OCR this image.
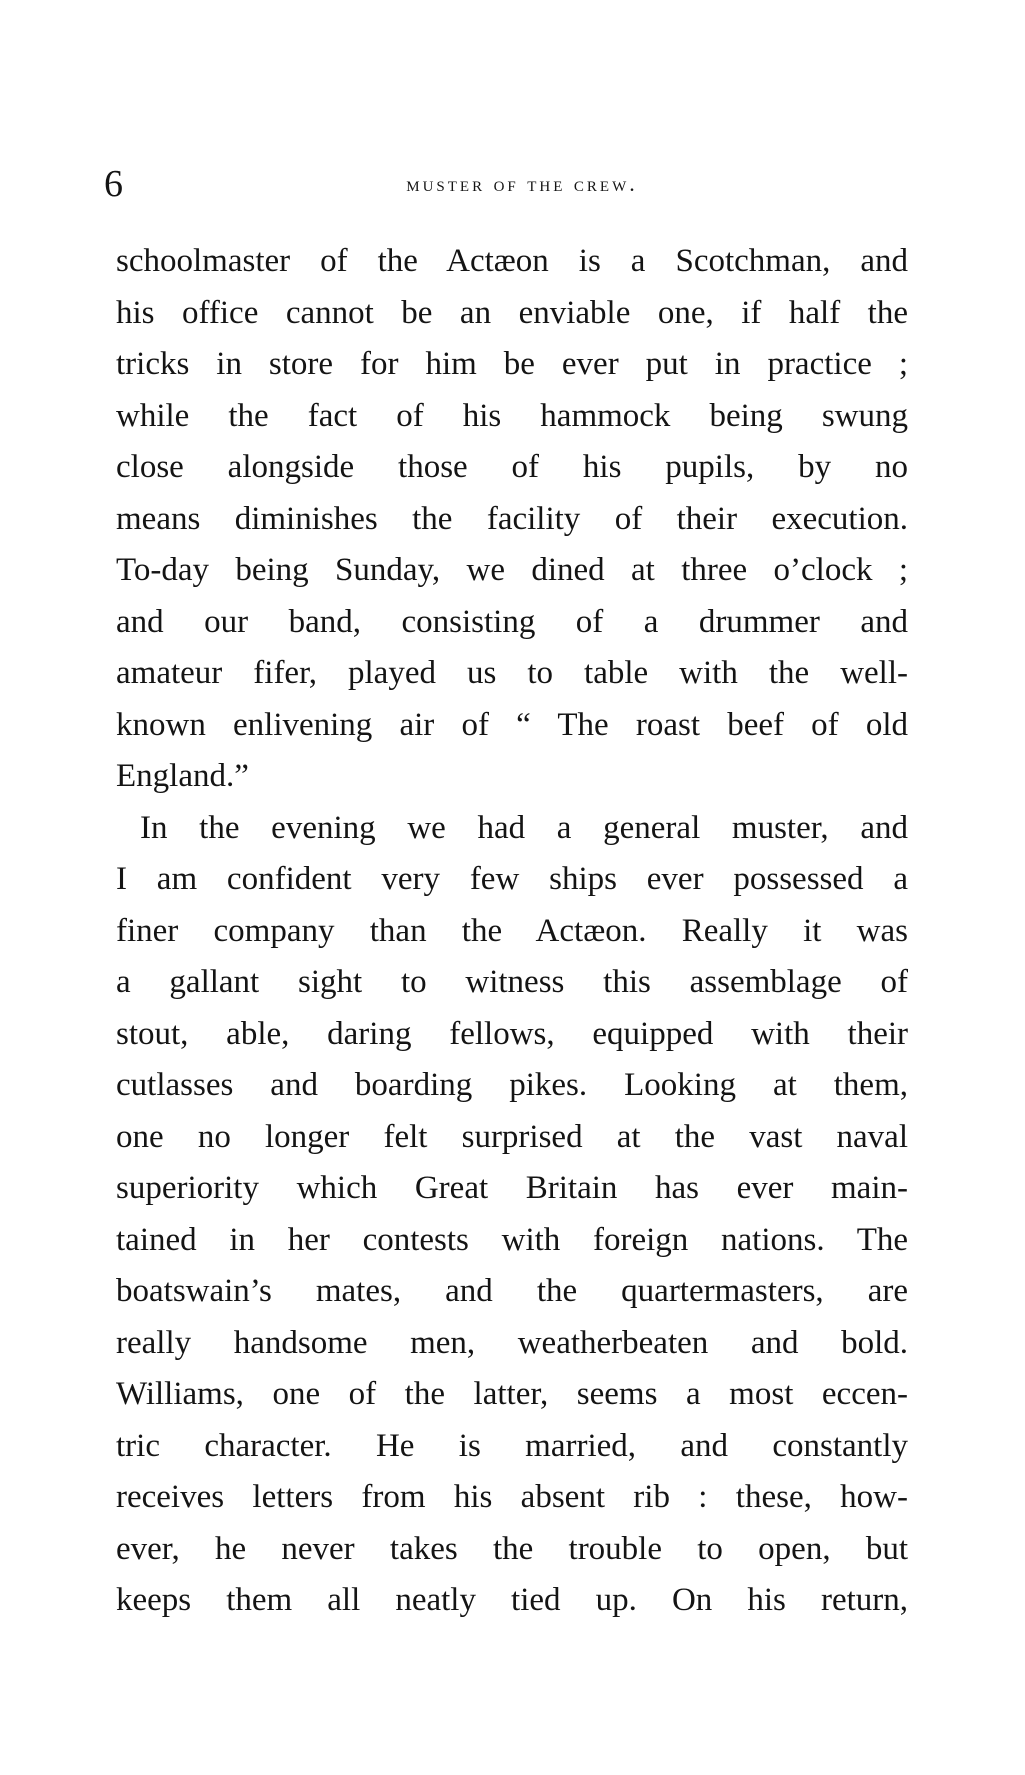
6	muster of the crew.
schoolmaster of the Actæon is a Scotchman, and
his office cannot be an enviable one, if half the
tricks in store for him be ever put in practice ;
while the fact of his hammock being swung
close alongside those of his pupils, by no
means diminishes the facility of their execution.
To-day being Sunday, we dined at three o’clock ;
and our band, consisting of a drummer and
amateur fifer, played us to table with the well-
known enlivening air of “ The roast beef of old
England.”
In the evening we had a general muster, and
I am confident very few ships ever possessed a
finer company than the Actæon. Really it was
a gallant sight to witness this assemblage of
stout, able, daring fellows, equipped with their
cutlasses and boarding pikes. Looking at them,
one no longer felt surprised at the vast naval
superiority which Great Britain has ever main-
tained in her contests with foreign nations. The
boatswain’s mates, and the quartermasters, are
really handsome men, weatherbeaten and bold.
Williams, one of the latter, seems a most eccen-
tric character. He is married, and constantly
receives letters from his absent rib : these, how-
ever, he never takes the trouble to open, but
keeps them all neatly tied up. On his return,
